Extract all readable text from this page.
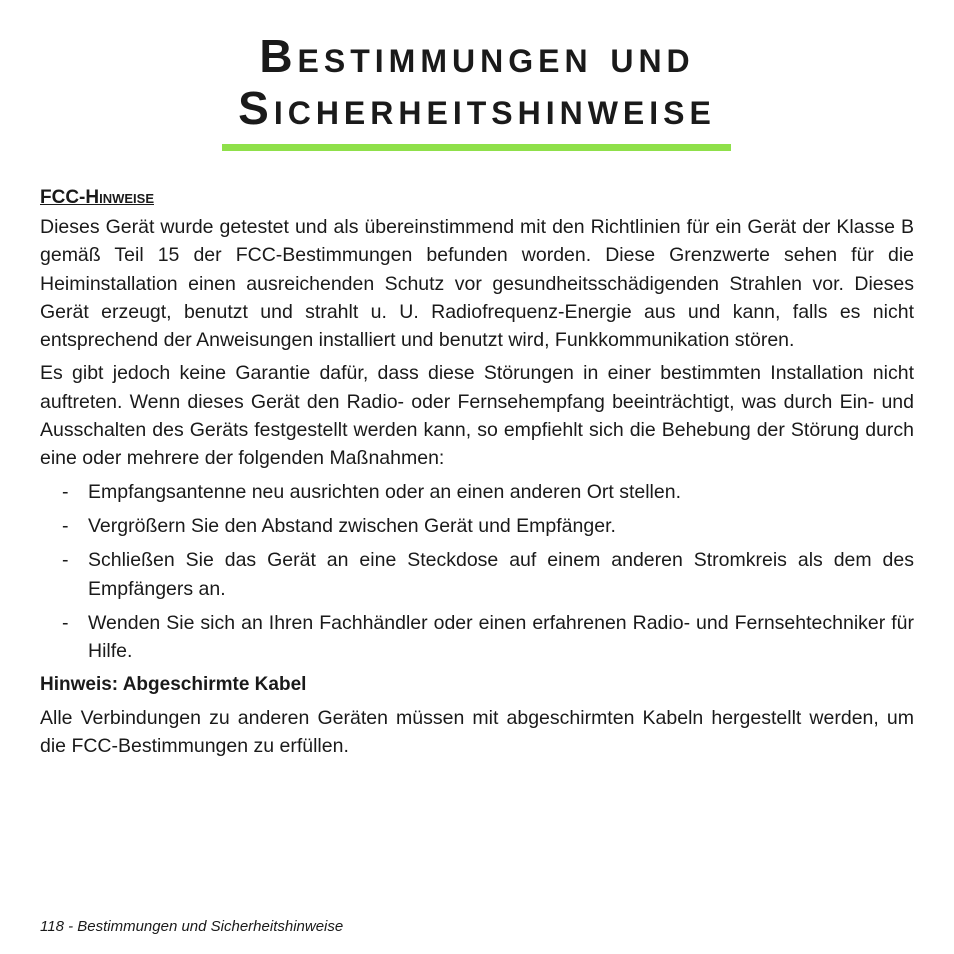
Bestimmungen und
Sicherheitshinweise
FCC-Hinweise

Dieses Gerät wurde getestet und als übereinstimmend mit den Richtlinien für ein Gerät der Klasse B gemäß Teil 15 der FCC-Bestimmungen befunden worden. Diese Grenzwerte sehen für die Heiminstallation einen ausreichenden Schutz vor gesundheitsschädigenden Strahlen vor. Dieses Gerät erzeugt, benutzt und strahlt u. U. Radiofrequenz-Energie aus und kann, falls es nicht entsprechend der Anweisungen installiert und benutzt wird, Funkkommunikation stören.

Es gibt jedoch keine Garantie dafür, dass diese Störungen in einer bestimmten Installation nicht auftreten. Wenn dieses Gerät den Radio- oder Fernsehempfang beeinträchtigt, was durch Ein- und Ausschalten des Geräts festgestellt werden kann, so empfiehlt sich die Behebung der Störung durch eine oder mehrere der folgenden Maßnahmen:

- Empfangsantenne neu ausrichten oder an einen anderen Ort stellen.
- Vergrößern Sie den Abstand zwischen Gerät und Empfänger.
- Schließen Sie das Gerät an eine Steckdose auf einem anderen Stromkreis als dem des Empfängers an.
- Wenden Sie sich an Ihren Fachhändler oder einen erfahrenen Radio- und Fernsehtechniker für Hilfe.
Hinweis: Abgeschirmte Kabel

Alle Verbindungen zu anderen Geräten müssen mit abgeschirmten Kabeln hergestellt werden, um die FCC-Bestimmungen zu erfüllen.

118 - Bestimmungen und Sicherheitshinweise
